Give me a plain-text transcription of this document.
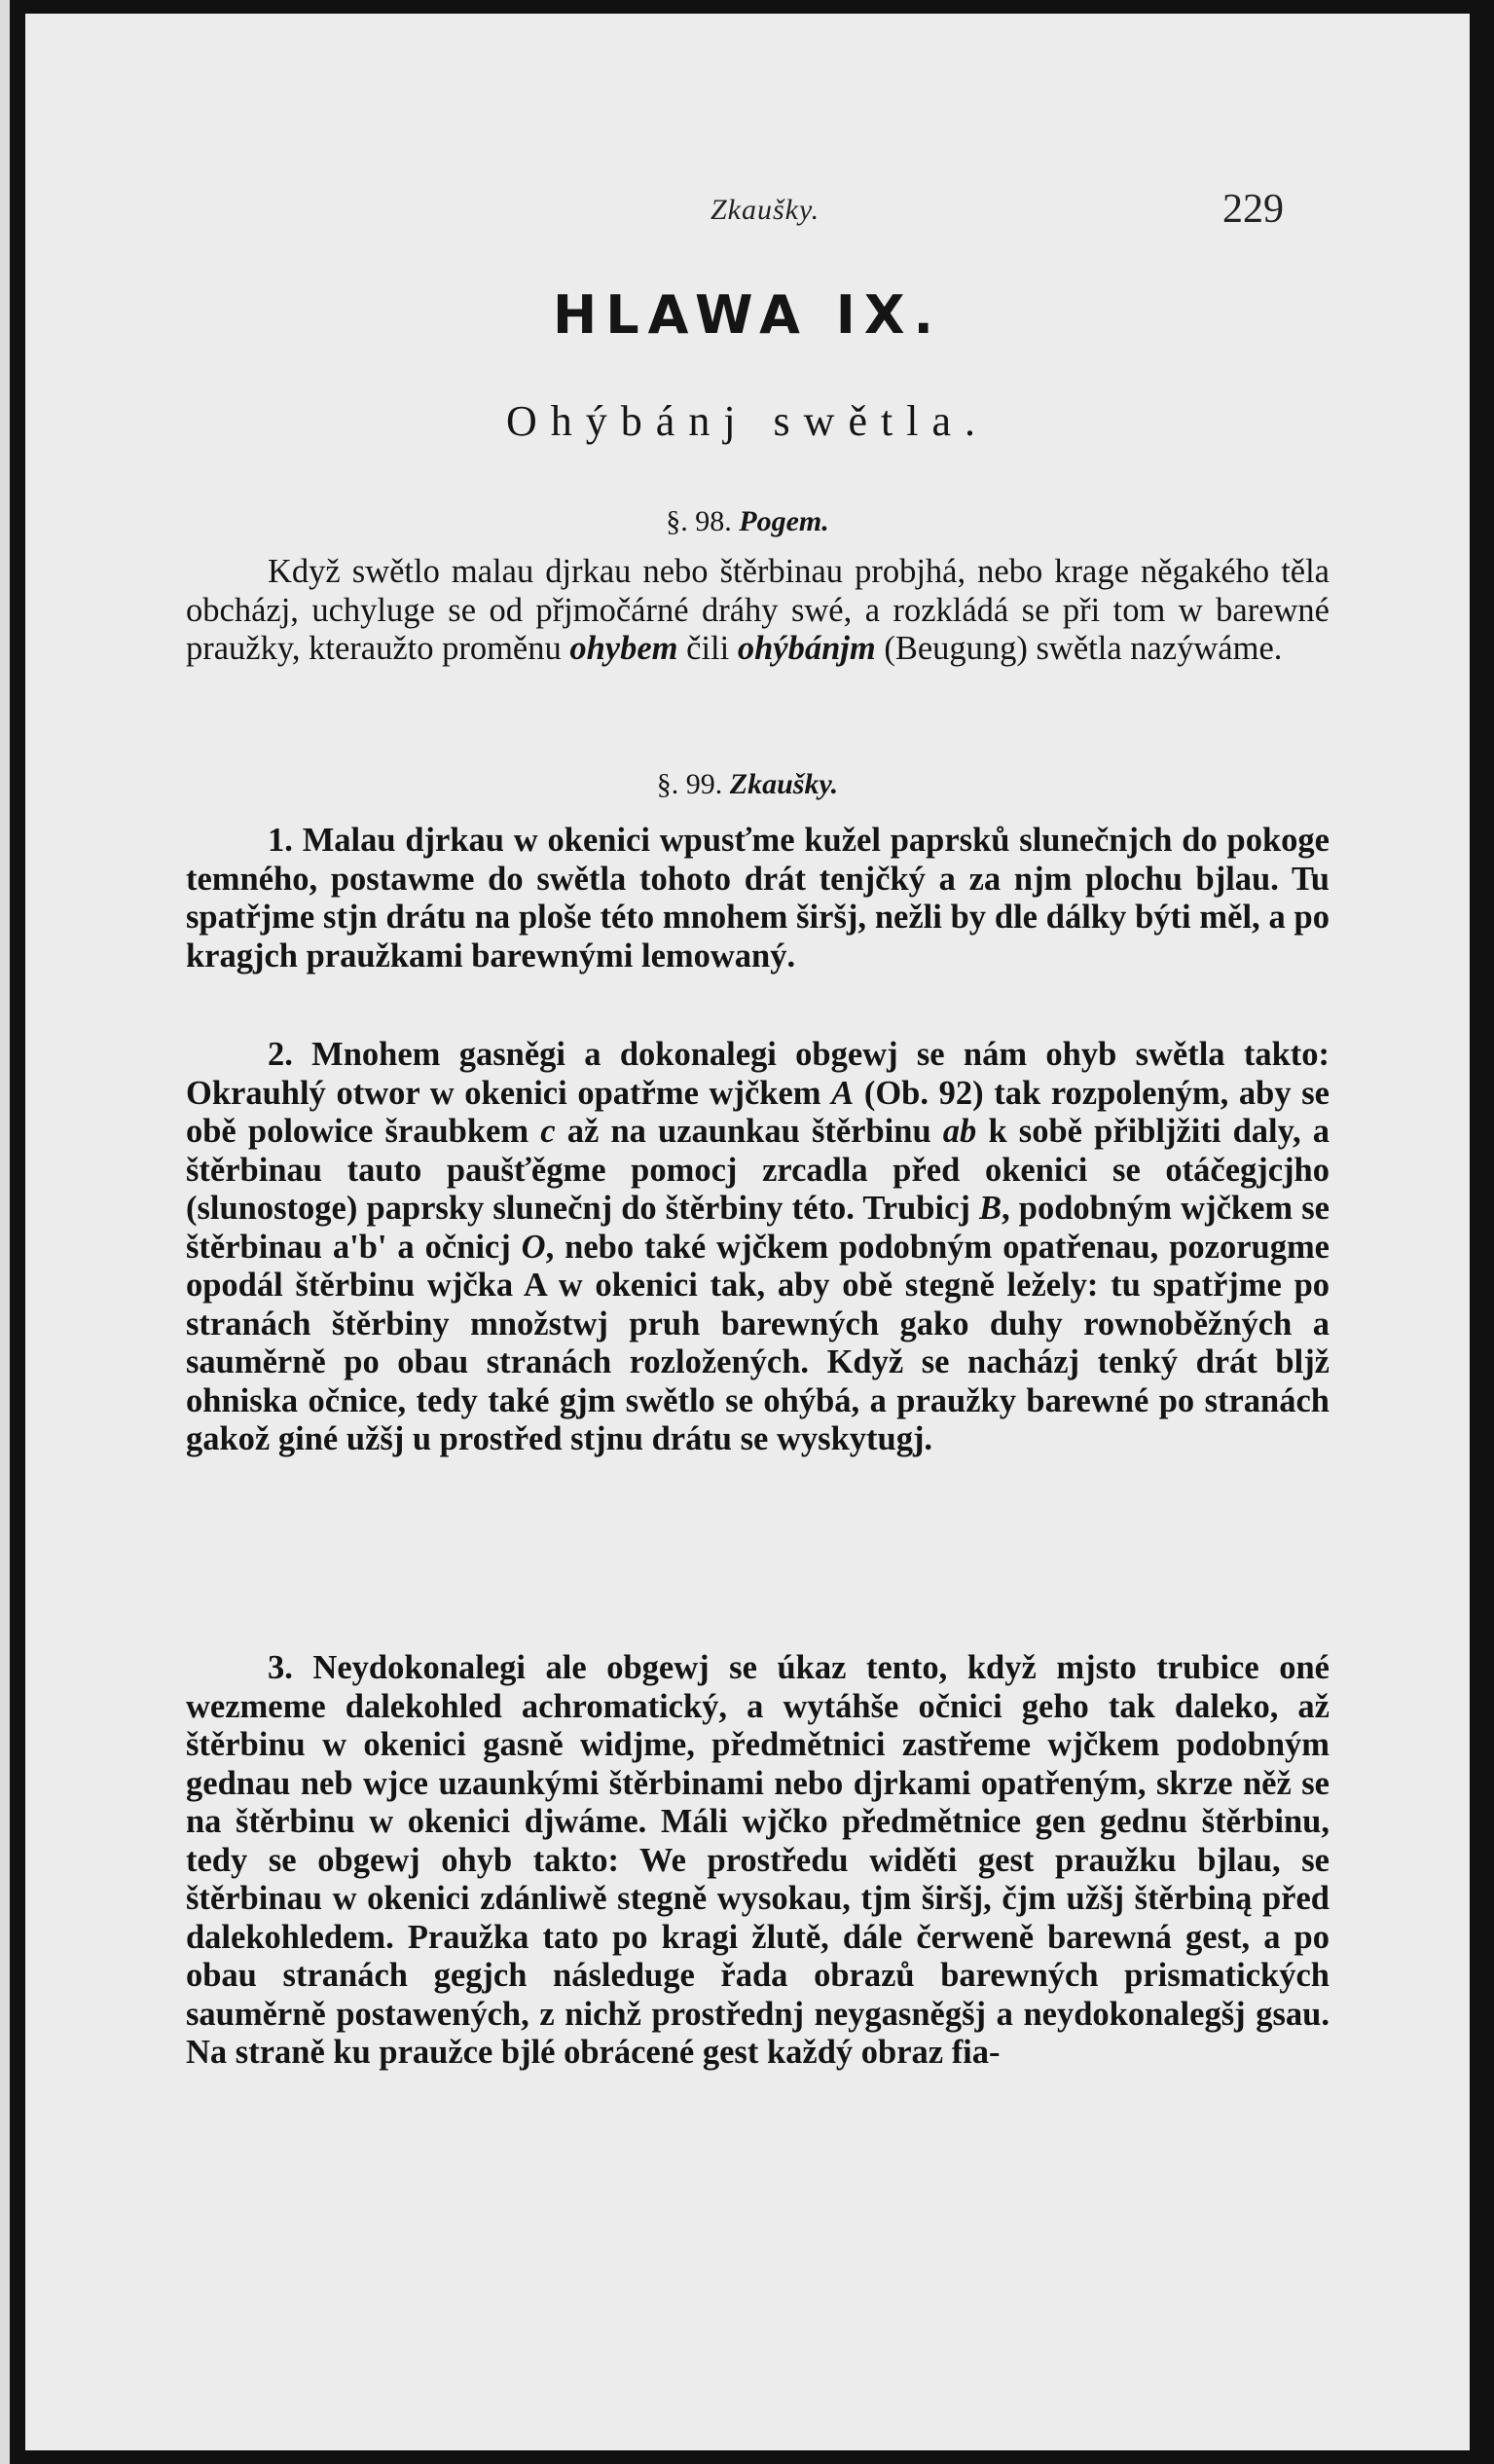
Zkaušky.	229
HLAWA IX.
Ohýbánj swětla.
§. 98. Pogem.

Když swětlo malau djrkau nebo štěrbinau probjhá, nebo krage něgakého těla obcházj, uchyluge se od přjmočárné dráhy swé, a rozkládá se při tom w barewné praužky, kteraužto proměnu ohybem čili ohýbánjm (Beugung) swětla nazýwáme.

§. 99. Zkaušky.

1. Malau djrkau w okenici wpusťme kužel paprsků slunečnjch do pokoge temného, postawme do swětla tohoto drát tenjčký a za njm plochu bjlau. Tu spatřjme stjn drátu na ploše této mnohem širšj, nežli by dle dálky býti měl, a po kragjch praužkami barewnými lemowaný.

2. Mnohem gasněgi a dokonalegi obgewj se nám ohyb swětla takto: Okrauhlý otwor w okenici opatřme wjčkem A (Ob. 92) tak rozpoleným, aby se obě polowice šraubkem c až na uzaunkau štěrbinu ab k sobě přibljžiti daly, a štěrbinau tauto paušťěgme pomocj zrcadla před okenici se otáčegjcjho (slunostoge) paprsky slunečnj do štěrbiny této. Trubicj B, podobným wjčkem se štěrbinau a'b' a očnicj O, nebo také wjčkem podobným opatřenau, pozorugme opodál štěrbinu wjčka A w okenici tak, aby obě stegně ležely: tu spatřjme po stranách štěrbiny množstwj pruh barewných gako duhy rownoběžných a sauměrně po obau stranách rozložených. Když se nacházj tenký drát bljž ohniska očnice, tedy také gjm swětlo se ohýbá, a praužky barewné po stranách gakož giné užšj u prostřed stjnu drátu se wyskytugj.

3. Neydokonalegi ale obgewj se úkaz tento, když mjsto trubice oné wezmeme dalekohled achromatický, a wytáhše očnici geho tak daleko, až štěrbinu w okenici gasně widjme, předmětnici zastřeme wjčkem podobným gednau neb wjce uzaunkými štěrbinami nebo djrkami opatřeným, skrze něž se na štěrbinu w okenici djwáme. Máli wjčko předmětnice gen gednu štěrbinu, tedy se obgewj ohyb takto: We prostředu widěti gest praužku bjlau, se štěrbinau w okenici zdánliwě stegně wysokau, tjm širšj, čjm užšj štěrbiną před dalekohledem. Praužka tato po kragi žlutě, dále čerweně barewná gest, a po obau stranách gegjch následuge řada obrazů barewných prismatických sauměrně postawených, z nichž prostřednj neygasněgšj a neydokonalegšj gsau. Na straně ku praužce bjlé obrácené gest každý obraz fia-
